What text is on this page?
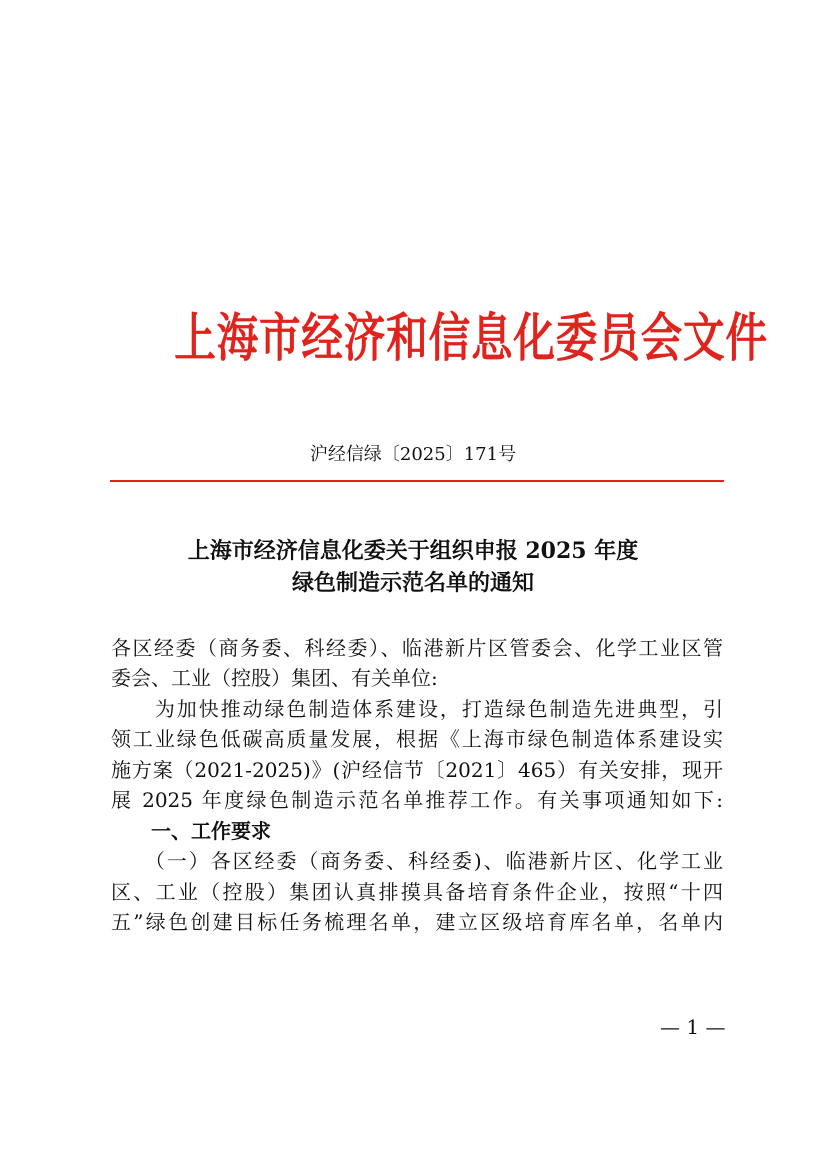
上海市经济和信息化委员会文件
沪经信绿〔2025〕171号
上海市经济信息化委关于组织申报 2025 年度
绿色制造示范名单的通知
各区经委（商务委、科经委）、临港新片区管委会、化学工业区管
委会、工业（控股）集团、有关单位:
　　为加快推动绿色制造体系建设，打造绿色制造先进典型，引
领工业绿色低碳高质量发展，根据《上海市绿色制造体系建设实
施方案（2021-2025)》(沪经信节〔2021〕465）有关安排，现开
展 2025 年度绿色制造示范名单推荐工作。有关事项通知如下:
　　一、工作要求
　　（一）各区经委（商务委、科经委)、临港新片区、化学工业
区、工业（控股）集团认真排摸具备培育条件企业，按照“十四
五”绿色创建目标任务梳理名单，建立区级培育库名单，名单内
— 1 —
